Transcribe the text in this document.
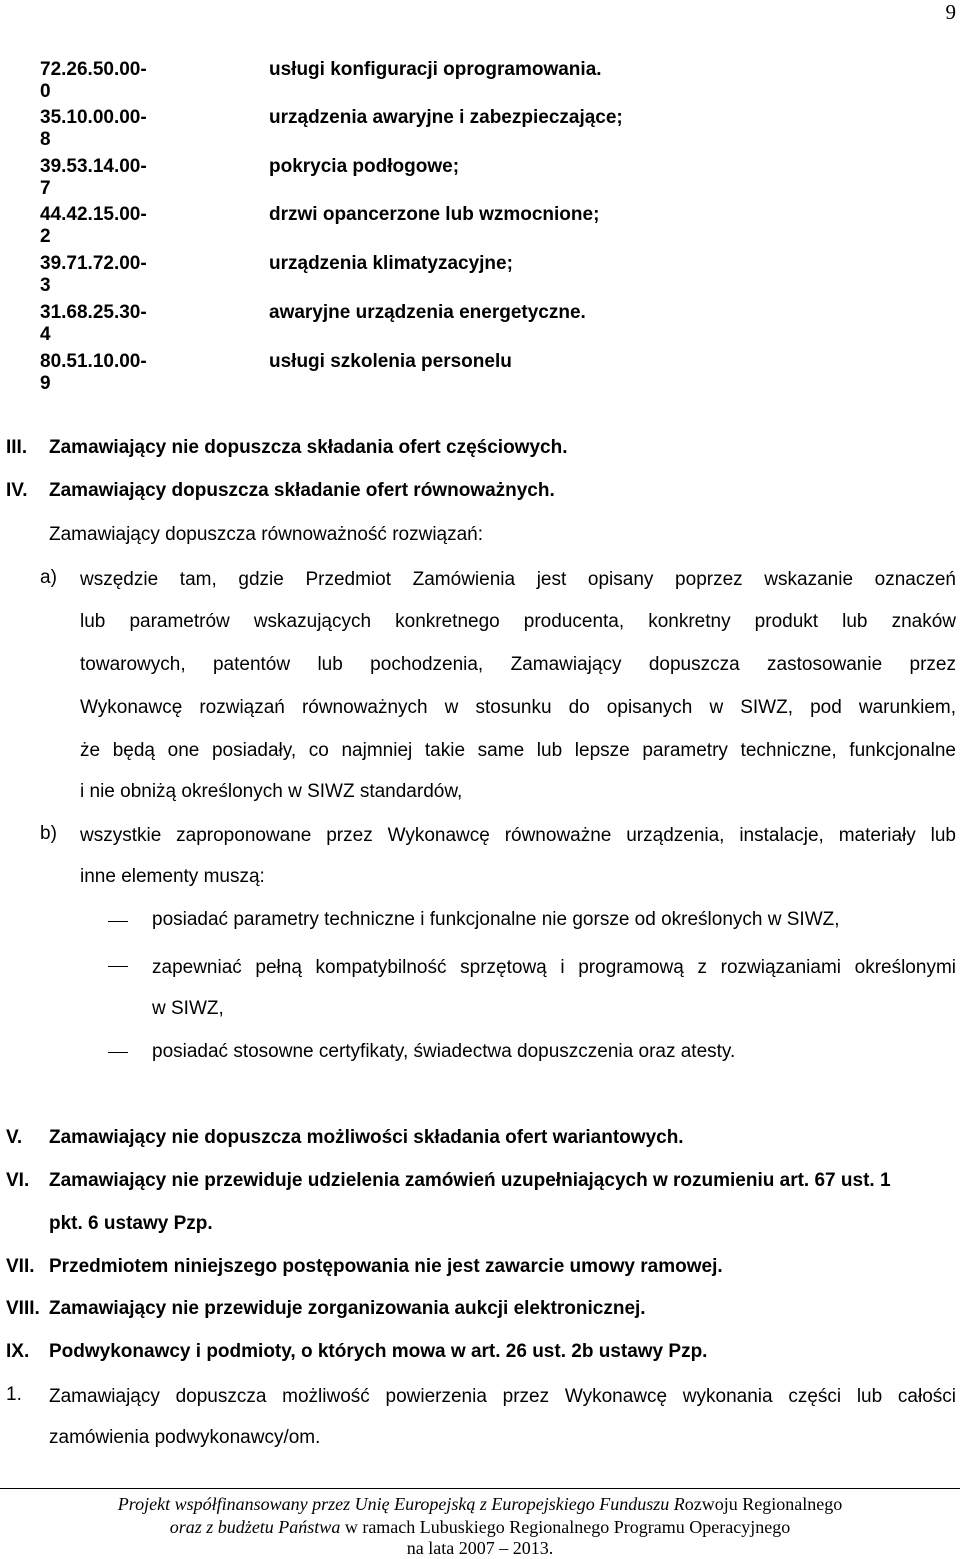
9
72.26.50.00-0
usługi konfiguracji oprogramowania.
35.10.00.00-8
urządzenia awaryjne i zabezpieczające;
39.53.14.00-7
pokrycia podłogowe;
44.42.15.00-2
drzwi opancerzone lub wzmocnione;
39.71.72.00-3
urządzenia klimatyzacyjne;
31.68.25.30-4
awaryjne urządzenia energetyczne.
80.51.10.00-9
usługi szkolenia personelu
III. Zamawiający nie dopuszcza składania ofert częściowych.
IV. Zamawiający dopuszcza składanie ofert równoważnych.
Zamawiający dopuszcza równoważność rozwiązań:
a) wszędzie tam, gdzie Przedmiot Zamówienia jest opisany poprzez wskazanie oznaczeń
lub parametrów wskazujących konkretnego producenta, konkretny produkt lub znaków
towarowych, patentów lub pochodzenia, Zamawiający dopuszcza zastosowanie przez
Wykonawcę rozwiązań równoważnych w stosunku do opisanych w SIWZ, pod warunkiem,
że będą one posiadały, co najmniej takie same lub lepsze parametry techniczne, funkcjonalne
i nie obniżą określonych w SIWZ standardów,
b) wszystkie zaproponowane przez Wykonawcę równoważne urządzenia, instalacje, materiały lub
inne elementy muszą:
posiadać parametry techniczne i funkcjonalne nie gorsze od określonych w SIWZ,
zapewniać pełną kompatybilność sprzętową i programową z rozwiązaniami określonymi
w SIWZ,
posiadać stosowne certyfikaty, świadectwa dopuszczenia oraz atesty.
V. Zamawiający nie dopuszcza możliwości składania ofert wariantowych.
VI. Zamawiający nie przewiduje udzielenia zamówień uzupełniających w rozumieniu art. 67 ust. 1
pkt. 6 ustawy Pzp.
VII. Przedmiotem niniejszego postępowania nie jest zawarcie umowy ramowej.
VIII. Zamawiający nie przewiduje zorganizowania aukcji elektronicznej.
IX. Podwykonawcy i podmioty, o których mowa w art. 26 ust. 2b ustawy Pzp.
1. Zamawiający dopuszcza możliwość powierzenia przez Wykonawcę wykonania części lub całości
zamówienia podwykonawcy/om.
Projekt współfinansowany przez Unię Europejską z Europejskiego Funduszu Rozwoju Regionalnego
oraz z budżetu Państwa w ramach Lubuskiego Regionalnego Programu Operacyjnego
na lata 2007 – 2013.
